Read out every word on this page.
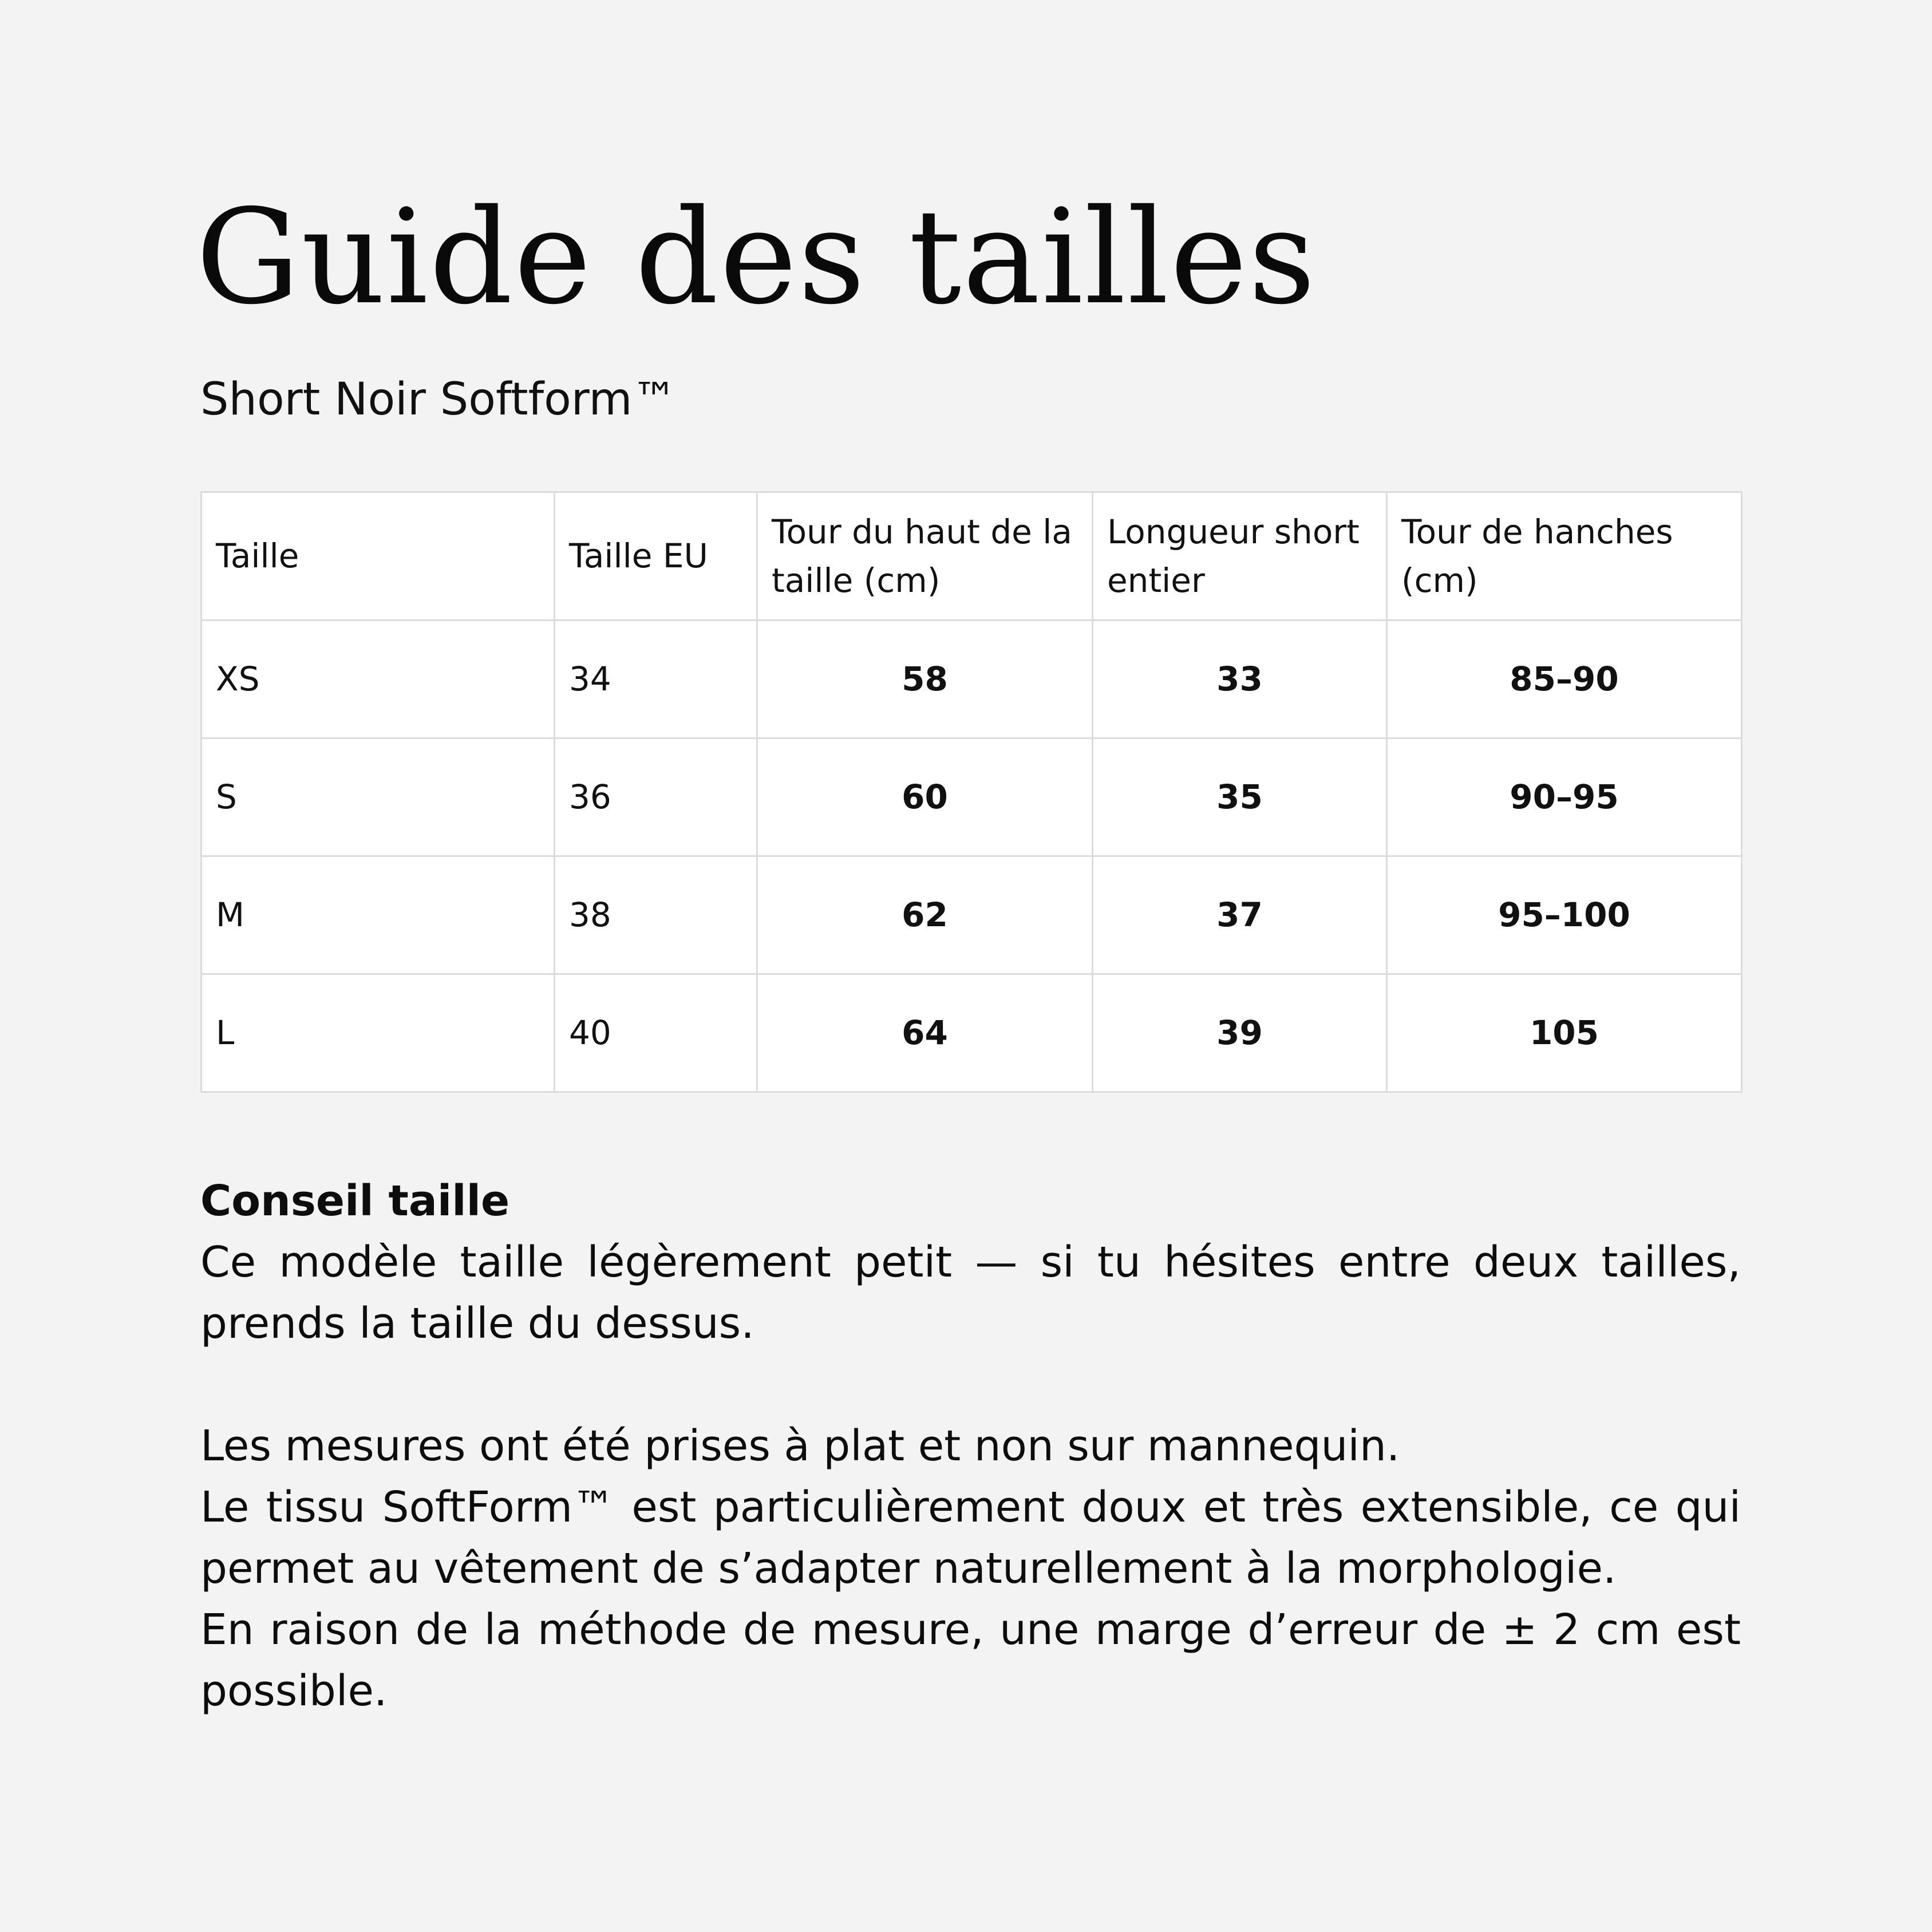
Guide des tailles
Short Noir Softform™
Taille	Taille EU	Tour du haut de la taille (cm)	Longueur short entier	Tour de hanches (cm)
XS	34	58	33	85–90
S	36	60	35	90–95
M	38	62	37	95–100
L	40	64	39	105

Conseil taille

Ce modèle taille légèrement petit — si tu hésites entre deux tailles, prends la taille du dessus.

Les mesures ont été prises à plat et non sur mannequin.

Le tissu SoftForm™ est particulièrement doux et très extensible, ce qui permet au vêtement de s’adapter naturellement à la morphologie.

En raison de la méthode de mesure, une marge d’erreur de ± 2 cm est possible.
